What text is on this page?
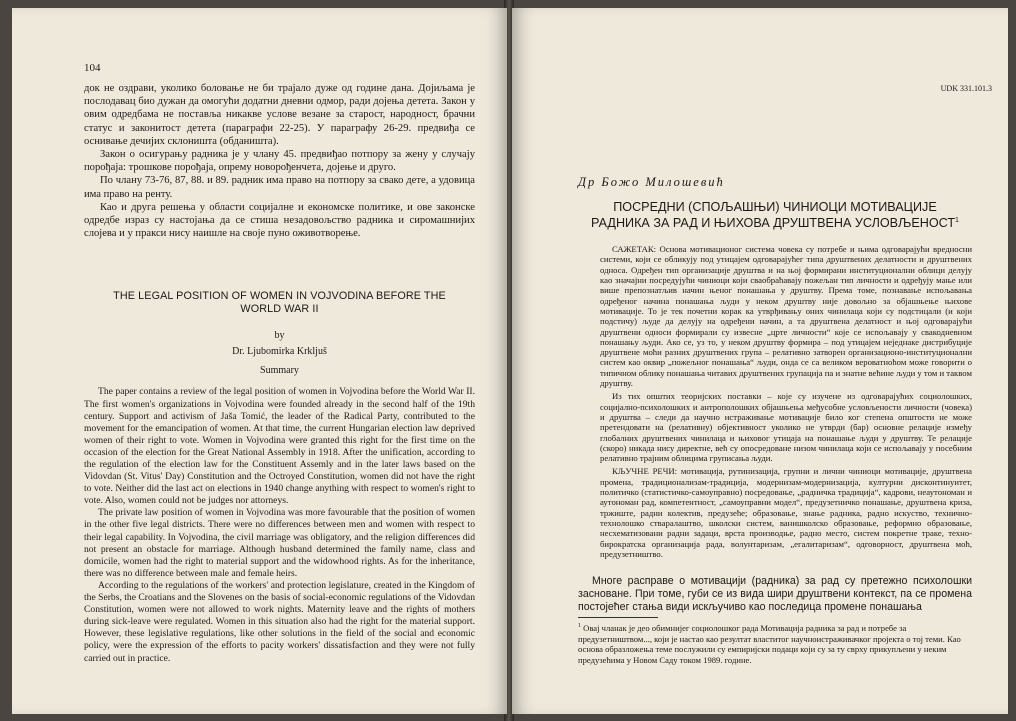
104

док не оздрави, уколико боловање не би трајало дуже од године дана. Дојиљама је послодавац био дужан да омогући додатни дневни одмор, ради дојења детета. Закон у овим одредбама не поставља никакве услове везане за старост, народност, брачни статус и законитост детета (параграфи 22-25). У параграфу 26-29. предвиђа се оснивање дечијих склоништа (обданишта).

Закон о осигурању радника је у члану 45. предвиђао потпору за жену у случају порођаја: трошкове порођаја, опрему новорођенчета, дојење и друго.

По члану 73-76, 87, 88. и 89. радник има право на потпору за свако дете, а удовица има право на ренту.

Као и друга решења у области социјалне и економске политике, и ове законске одредбе израз су настојања да се стиша незадовољство радника и сиромашнијих слојева и у пракси нису наишле на своје пуно оживотворење.

THE LEGAL POSITION OF WOMEN IN VOJVODINA BEFORE THE WORLD WAR II
by
Dr. Ljubomirka Krkljuš
Summary

The paper contains a review of the legal position of women in Vojvodina before the World War II. The first women's organizations in Vojvodina were founded already in the second half of the 19th century. Support and activism of Jaša Tomić, the leader of the Radical Party, contributed to the movement for the emancipation of women. At that time, the current Hungarian election law deprived women of their right to vote. Women in Vojvodina were granted this right for the first time on the occasion of the election for the Great National Assembly in 1918. After the unification, according to the regulation of the election law for the Constituent Assemly and in the later laws based on the Vidovdan (St. Vitus' Day) Constitution and the Octroyed Constitution, women did not have the right to vote. Neither did the last act on elections in 1940 change anything with respect to women's right to vote. Also, women could not be judges nor attorneys.

The private law position of women in Vojvodina was more favourable that the position of women in the other five legal districts. There were no differences between men and women with respect to their legal capability. In Vojvodina, the civil marriage was obligatory, and the religion differences did not present an obstacle for marriage. Although husband determined the family name, class and domicile, women had the right to material support and the widowhood rights. As for the inheritance, there was no difference between male and female heirs.

According to the regulations of the workers' and protection legislature, created in the Kingdom of the Serbs, the Croatians and the Slovenes on the basis of social-economic regulations of the Vidovdan Constitution, women were not allowed to work nights. Maternity leave and the rights of mothers during sick-leave were regulated. Women in this situation also had the right for the material support. However, these legislative regulations, like other solutions in the field of the social and economic policy, were the expression of the efforts to pacity workers' dissatisfaction and they were not fully carried out in practice.

UDK 331.101.3
Др Божо Милошевић
ПОСРЕДНИ (СПОЉАШЊИ) ЧИНИОЦИ МОТИВАЦИЈЕ РАДНИКА ЗА РАД И ЊИХОВА ДРУШТВЕНА УСЛОВЉЕНОСТ$^1$

САЖЕТАК: Основа мотивационог система човека су потребе и њима одговарајући вредносни системи, који се обликују под утицајем одговарајућег типа друштвених делатности и друштвених односа. Одређен тип организације друштва и на њој формирани институционални облици делују као значајни посредујући чиниоци који сваобраћавају пожељан тип личности и одређују мање или више препознатљив начин њеног понашања у друштву. Према томе, познавање испољавања одређеног начина понашања људи у неком друштву није довољно за објашњење њихове мотивације. То је тек почетни корак ка утврђивању оних чинилаца који су подстицали (и који подстичу) људе да делују на одређени начин, а та друштвена делатност и њој одговарајући друштвени односи формирали су извесне „црте личности“ које се испољавају у свакодневном понашању људи. Ако се, уз то, у неком друштву формира – под утицајем неједнаке дистрибуције друштвене моћи разних друштвених група – релативно затворен организационо-институционални систем као оквир „пожељног понашања“ људи, онда се са великом вероватноћом може говорити о типичном облику понашања читавих друштвених групација па и знатне већине људи у том и таквом друштву.

Из тих општих теоријских поставки – које су изучене из одговарајућих социолошких, социјално-психолошких и антрополошких објашњења међусобне условљености личности (човека) и друштва – следи да научно истраживање мотивације било ког степена општости не може претендовати на (релативну) објективност уколико не утврди (бар) основне релације између глобалних друштвених чинилаца и њиховог утицаја на понашање људи у друштву. Те релације (скоро) никада нису директне, већ су опосредоване низом чинилаца који се испољавају у посебним релативно трајним облицима груписања људи.

КЉУЧНЕ РЕЧИ: мотивација, рутинизација, групни и лични чиниоци мотивације, друштвена промена, традиционализам-традиција, модернизам-модернизација, културни дисконтинуитет, политичко (статистичко-самоуправно) посредовање, „радничка традиција“, кадрови, неаутономан и аутономан рад, компетентност, „самоуправни модел“, предузетничко понашање, друштвена криза, тржиште, радни колектив, предузеће; образовање, знање радника, радно искуство, технично-технолошко стваралаштво, школски систем, ванишколско образовање, реформно образовање, несхематизовани радни задаци, врста производње, радно место, систем покретне траке, техно-бирократска организација рада, волунтаризам, „егалитаризам“, одговорност, друштвена моћ, предузетништво.

Многе расправе о мотивацији (радника) за рад су претежно психолошки засноване. При томе, губи се из вида шири друштвени контекст, па се промена постојећег стања види искључиво као последица промене понашања

$^1$ Овај чланак је део обимнијег социолошког рада Мотивација радника за рад и потребе за предузетништвом..., који је настао као резултат властитог научноистраживачког пројекта о тој теми. Као основа образложења теме послужили су емпиријски подаци који су за ту сврху прикупљени у неким предузећима у Новом Саду током 1989. године.
